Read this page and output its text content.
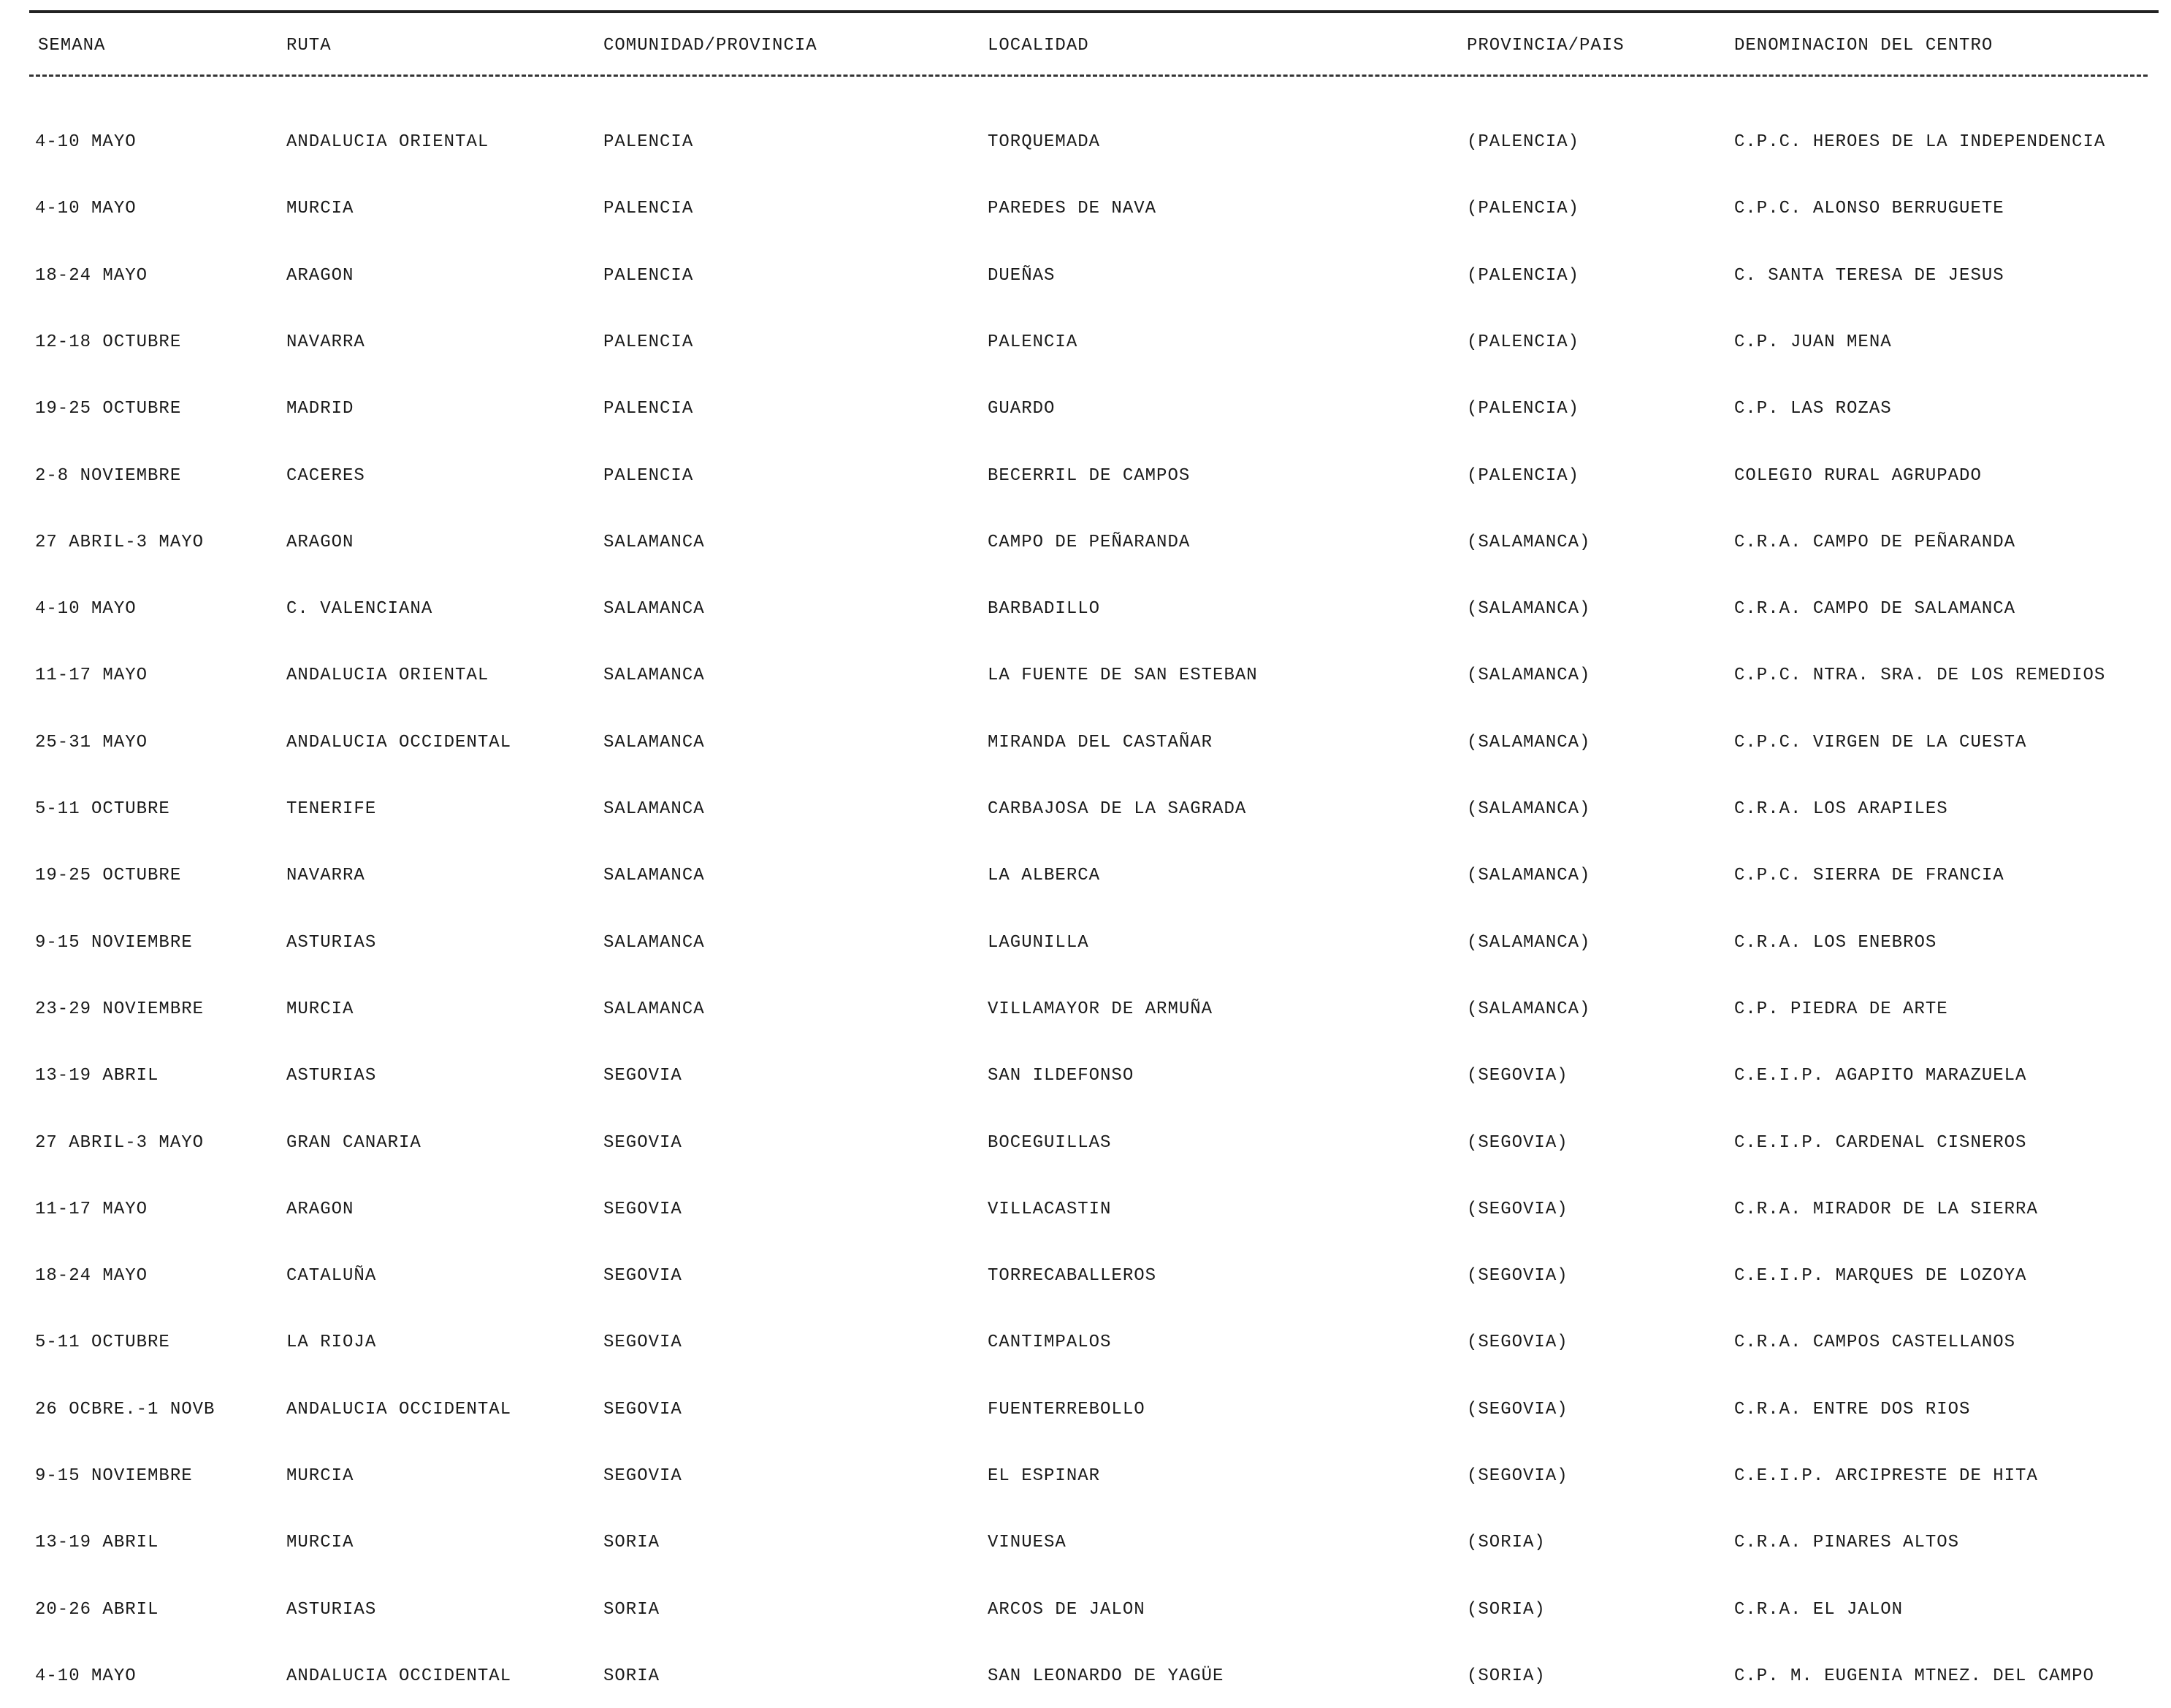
SEMANA	RUTA	COMUNIDAD/PROVINCIA	LOCALIDAD	PROVINCIA/PAIS	DENOMINACION DEL CENTRO
4-10 MAYO	ANDALUCIA ORIENTAL	PALENCIA	TORQUEMADA	(PALENCIA)	C.P.C. HEROES DE LA INDEPENDENCIA
4-10 MAYO	MURCIA	PALENCIA	PAREDES DE NAVA	(PALENCIA)	C.P.C. ALONSO BERRUGUETE
18-24 MAYO	ARAGON	PALENCIA	DUEÑAS	(PALENCIA)	C. SANTA TERESA DE JESUS
12-18 OCTUBRE	NAVARRA	PALENCIA	PALENCIA	(PALENCIA)	C.P. JUAN MENA
19-25 OCTUBRE	MADRID	PALENCIA	GUARDO	(PALENCIA)	C.P. LAS ROZAS
2-8 NOVIEMBRE	CACERES	PALENCIA	BECERRIL DE CAMPOS	(PALENCIA)	COLEGIO RURAL AGRUPADO
27 ABRIL-3 MAYO	ARAGON	SALAMANCA	CAMPO DE PEÑARANDA	(SALAMANCA)	C.R.A. CAMPO DE PEÑARANDA
4-10 MAYO	C. VALENCIANA	SALAMANCA	BARBADILLO	(SALAMANCA)	C.R.A. CAMPO DE SALAMANCA
11-17 MAYO	ANDALUCIA ORIENTAL	SALAMANCA	LA FUENTE DE SAN ESTEBAN	(SALAMANCA)	C.P.C. NTRA. SRA. DE LOS REMEDIOS
25-31 MAYO	ANDALUCIA OCCIDENTAL	SALAMANCA	MIRANDA DEL CASTAÑAR	(SALAMANCA)	C.P.C. VIRGEN DE LA CUESTA
5-11 OCTUBRE	TENERIFE	SALAMANCA	CARBAJOSA DE LA SAGRADA	(SALAMANCA)	C.R.A. LOS ARAPILES
19-25 OCTUBRE	NAVARRA	SALAMANCA	LA ALBERCA	(SALAMANCA)	C.P.C. SIERRA DE FRANCIA
9-15 NOVIEMBRE	ASTURIAS	SALAMANCA	LAGUNILLA	(SALAMANCA)	C.R.A. LOS ENEBROS
23-29 NOVIEMBRE	MURCIA	SALAMANCA	VILLAMAYOR DE ARMUÑA	(SALAMANCA)	C.P. PIEDRA DE ARTE
13-19 ABRIL	ASTURIAS	SEGOVIA	SAN ILDEFONSO	(SEGOVIA)	C.E.I.P. AGAPITO MARAZUELA
27 ABRIL-3 MAYO	GRAN CANARIA	SEGOVIA	BOCEGUILLAS	(SEGOVIA)	C.E.I.P. CARDENAL CISNEROS
11-17 MAYO	ARAGON	SEGOVIA	VILLACASTIN	(SEGOVIA)	C.R.A. MIRADOR DE LA SIERRA
18-24 MAYO	CATALUÑA	SEGOVIA	TORRECABALLEROS	(SEGOVIA)	C.E.I.P. MARQUES DE LOZOYA
5-11 OCTUBRE	LA RIOJA	SEGOVIA	CANTIMPALOS	(SEGOVIA)	C.R.A. CAMPOS CASTELLANOS
26 OCBRE.-1 NOVB	ANDALUCIA OCCIDENTAL	SEGOVIA	FUENTERREBOLLO	(SEGOVIA)	C.R.A. ENTRE DOS RIOS
9-15 NOVIEMBRE	MURCIA	SEGOVIA	EL ESPINAR	(SEGOVIA)	C.E.I.P. ARCIPRESTE DE HITA
13-19 ABRIL	MURCIA	SORIA	VINUESA	(SORIA)	C.R.A. PINARES ALTOS
20-26 ABRIL	ASTURIAS	SORIA	ARCOS DE JALON	(SORIA)	C.R.A. EL JALON
4-10 MAYO	ANDALUCIA OCCIDENTAL	SORIA	SAN LEONARDO DE YAGÜE	(SORIA)	C.P. M. EUGENIA MTNEZ. DEL CAMPO
